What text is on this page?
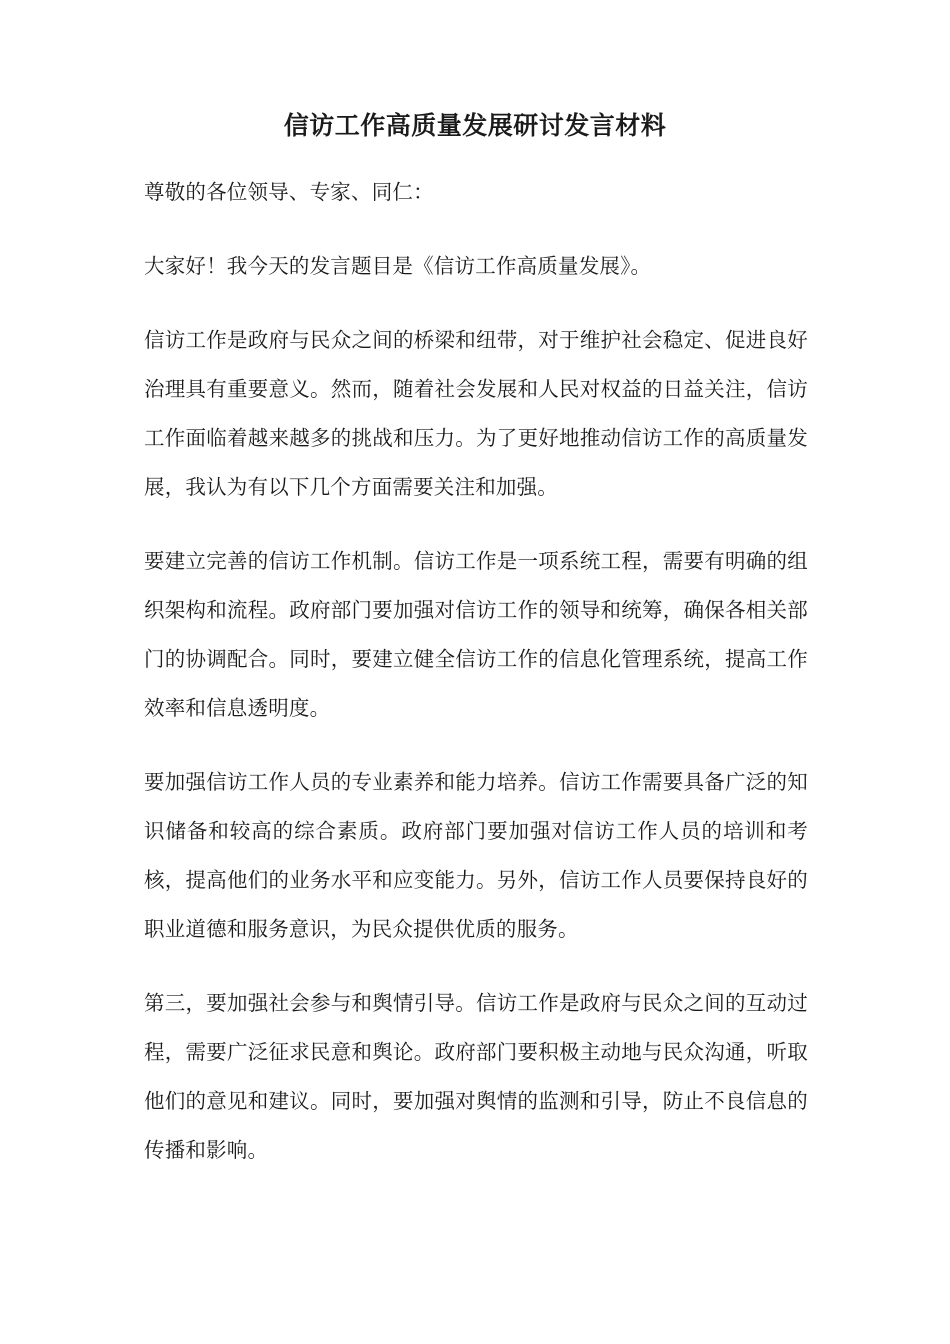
信访工作高质量发展研讨发言材料

尊敬的各位领导、专家、同仁：

大家好！我今天的发言题目是《信访工作高质量发展》。

信访工作是政府与民众之间的桥梁和纽带，对于维护社会稳定、促进良好治理具有重要意义。然而，随着社会发展和人民对权益的日益关注，信访工作面临着越来越多的挑战和压力。为了更好地推动信访工作的高质量发展，我认为有以下几个方面需要关注和加强。

要建立完善的信访工作机制。信访工作是一项系统工程，需要有明确的组织架构和流程。政府部门要加强对信访工作的领导和统筹，确保各相关部门的协调配合。同时，要建立健全信访工作的信息化管理系统，提高工作效率和信息透明度。

要加强信访工作人员的专业素养和能力培养。信访工作需要具备广泛的知识储备和较高的综合素质。政府部门要加强对信访工作人员的培训和考核，提高他们的业务水平和应变能力。另外，信访工作人员要保持良好的职业道德和服务意识，为民众提供优质的服务。

第三，要加强社会参与和舆情引导。信访工作是政府与民众之间的互动过程，需要广泛征求民意和舆论。政府部门要积极主动地与民众沟通，听取他们的意见和建议。同时，要加强对舆情的监测和引导，防止不良信息的传播和影响。
